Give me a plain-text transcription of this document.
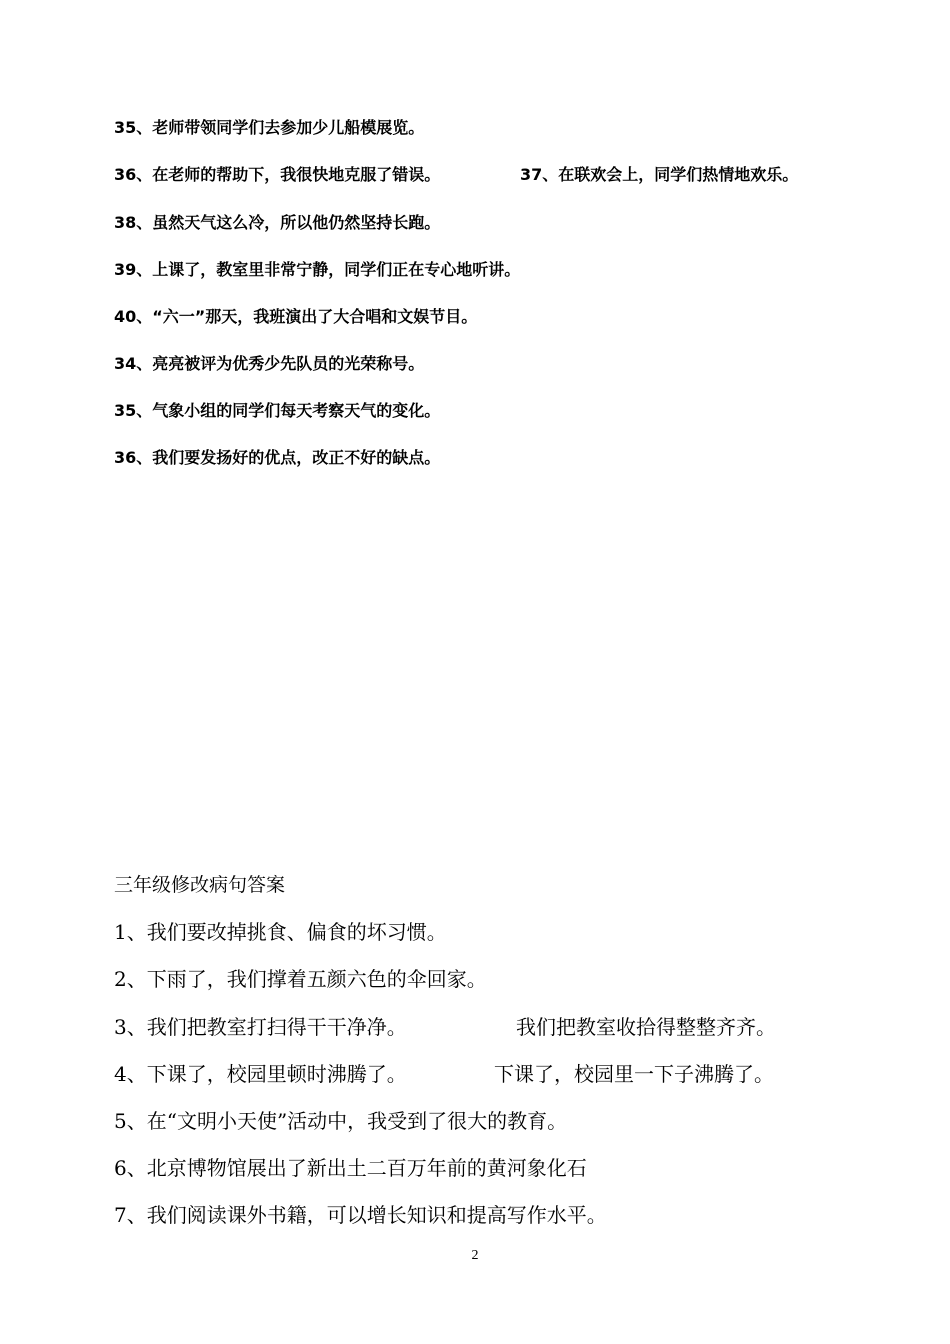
35、老师带领同学们去参加少儿船模展览。
36、在老师的帮助下，我很快地克服了错误。	37、在联欢会上，同学们热情地欢乐。
38、虽然天气这么冷，所以他仍然坚持长跑。
39、上课了，教室里非常宁静，同学们正在专心地听讲。
40、“六一”那天，我班演出了大合唱和文娱节目。
34、亮亮被评为优秀少先队员的光荣称号。
35、气象小组的同学们每天考察天气的变化。
36、我们要发扬好的优点，改正不好的缺点。
三年级修改病句答案
1、我们要改掉挑食、偏食的坏习惯。
2、下雨了，我们撑着五颜六色的伞回家。
3、我们把教室打扫得干干净净。	我们把教室收拾得整整齐齐。
4、下课了，校园里顿时沸腾了。	下课了，校园里一下子沸腾了。
5、在“文明小天使”活动中，我受到了很大的教育。
6、北京博物馆展出了新出土二百万年前的黄河象化石
7、我们阅读课外书籍，可以增长知识和提高写作水平。
2
